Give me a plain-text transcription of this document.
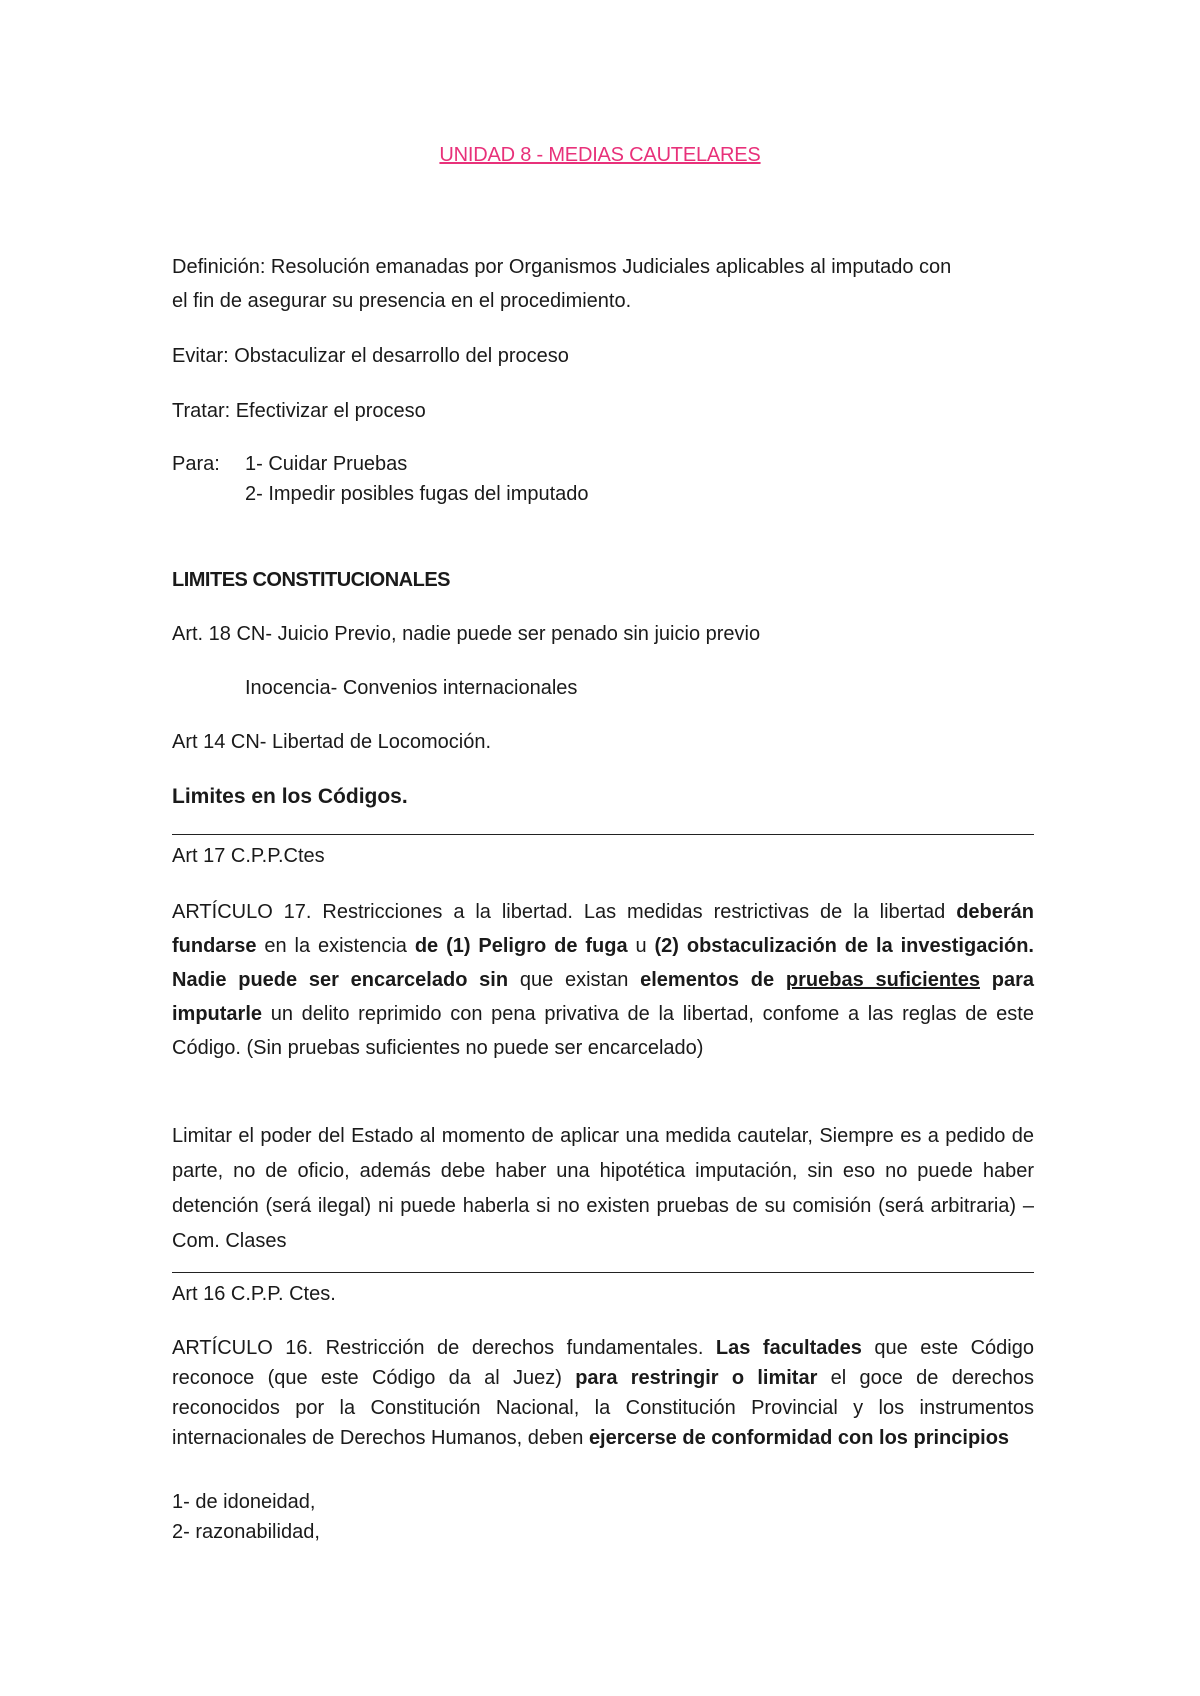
UNIDAD 8 - MEDIAS CAUTELARES
Definición: Resolución emanadas por Organismos Judiciales aplicables al imputado con
el fin de asegurar su presencia en el procedimiento.
Evitar: Obstaculizar el desarrollo del proceso
Tratar: Efectivizar el proceso
Para: 1- Cuidar Pruebas
2- Impedir posibles fugas del imputado
LIMITES CONSTITUCIONALES
Art. 18 CN- Juicio Previo, nadie puede ser penado sin juicio previo
Inocencia- Convenios internacionales
Art 14 CN- Libertad de Locomoción.
Limites en los Códigos.
Art 17 C.P.P.Ctes
ARTÍCULO 17. Restricciones a la libertad. Las medidas restrictivas de la libertad deberán fundarse en la existencia de (1) Peligro de fuga u (2) obstaculización de la investigación. Nadie puede ser encarcelado sin que existan elementos de pruebas suficientes para imputarle un delito reprimido con pena privativa de la libertad, confome a las reglas de este Código. (Sin pruebas suficientes no puede ser encarcelado)
Limitar el poder del Estado al momento de aplicar una medida cautelar, Siempre es a pedido de parte, no de oficio, además debe haber una hipotética imputación, sin eso no puede haber detención (será ilegal) ni puede haberla si no existen pruebas de su comisión (será arbitraria) – Com. Clases
Art 16 C.P.P. Ctes.
ARTÍCULO 16. Restricción de derechos fundamentales. Las facultades que este Código reconoce (que este Código da al Juez) para restringir o limitar el goce de derechos reconocidos por la Constitución Nacional, la Constitución Provincial y los instrumentos internacionales de Derechos Humanos, deben ejercerse de conformidad con los principios
1- de idoneidad,
2- razonabilidad,
